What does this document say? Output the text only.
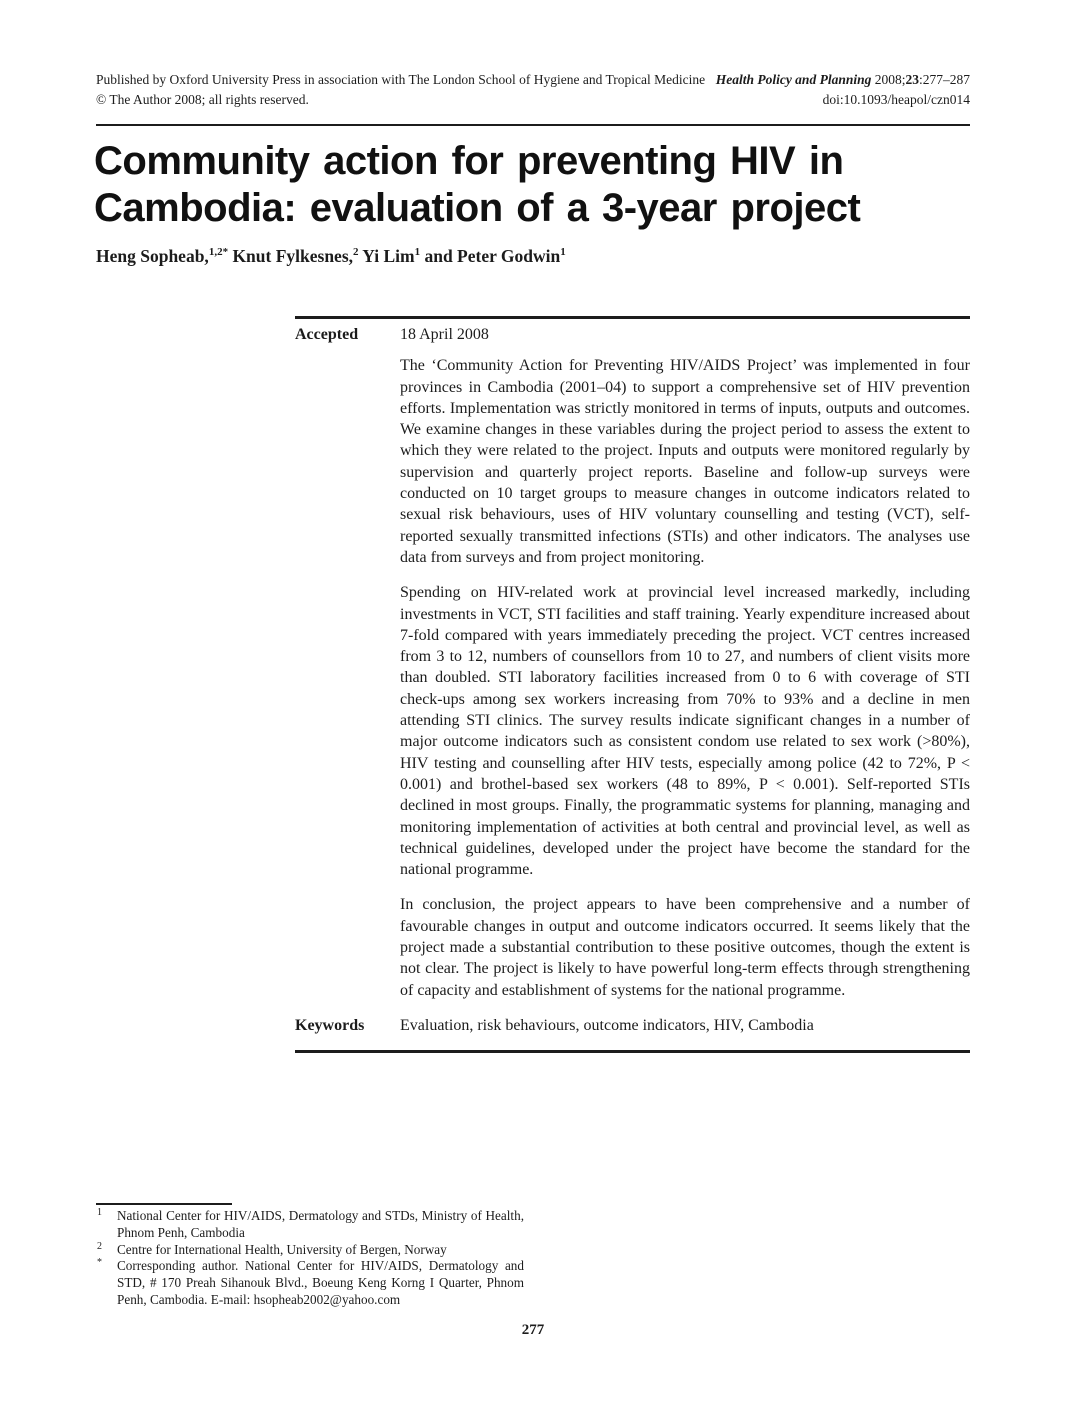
Published by Oxford University Press in association with The London School of Hygiene and Tropical Medicine
© The Author 2008; all rights reserved.
Health Policy and Planning 2008;23:277–287
doi:10.1093/heapol/czn014
Community action for preventing HIV in Cambodia: evaluation of a 3-year project
Heng Sopheab,$^{1,2*}$ Knut Fylkesnes,$^2$ Yi Lim$^1$ and Peter Godwin$^1$
Accepted	18 April 2008

The ‘Community Action for Preventing HIV/AIDS Project’ was implemented in four provinces in Cambodia (2001–04) to support a comprehensive set of HIV prevention efforts. Implementation was strictly monitored in terms of inputs, outputs and outcomes. We examine changes in these variables during the project period to assess the extent to which they were related to the project. Inputs and outputs were monitored regularly by supervision and quarterly project reports. Baseline and follow-up surveys were conducted on 10 target groups to measure changes in outcome indicators related to sexual risk behaviours, uses of HIV voluntary counselling and testing (VCT), self-reported sexually transmitted infections (STIs) and other indicators. The analyses use data from surveys and from project monitoring.

Spending on HIV-related work at provincial level increased markedly, including investments in VCT, STI facilities and staff training. Yearly expenditure increased about 7-fold compared with years immediately preceding the project. VCT centres increased from 3 to 12, numbers of counsellors from 10 to 27, and numbers of client visits more than doubled. STI laboratory facilities increased from 0 to 6 with coverage of STI check-ups among sex workers increasing from 70% to 93% and a decline in men attending STI clinics. The survey results indicate significant changes in a number of major outcome indicators such as consistent condom use related to sex work (>80%), HIV testing and counselling after HIV tests, especially among police (42 to 72%, P < 0.001) and brothel-based sex workers (48 to 89%, P < 0.001). Self-reported STIs declined in most groups. Finally, the programmatic systems for planning, managing and monitoring implementation of activities at both central and provincial level, as well as technical guidelines, developed under the project have become the standard for the national programme.

In conclusion, the project appears to have been comprehensive and a number of favourable changes in output and outcome indicators occurred. It seems likely that the project made a substantial contribution to these positive outcomes, though the extent is not clear. The project is likely to have powerful long-term effects through strengthening of capacity and establishment of systems for the national programme.

Keywords	Evaluation, risk behaviours, outcome indicators, HIV, Cambodia
1 National Center for HIV/AIDS, Dermatology and STDs, Ministry of Health, Phnom Penh, Cambodia
2 Centre for International Health, University of Bergen, Norway
* Corresponding author. National Center for HIV/AIDS, Dermatology and STD, # 170 Preah Sihanouk Blvd., Boeung Keng Korng I Quarter, Phnom Penh, Cambodia. E-mail: hsopheab2002@yahoo.com
277
